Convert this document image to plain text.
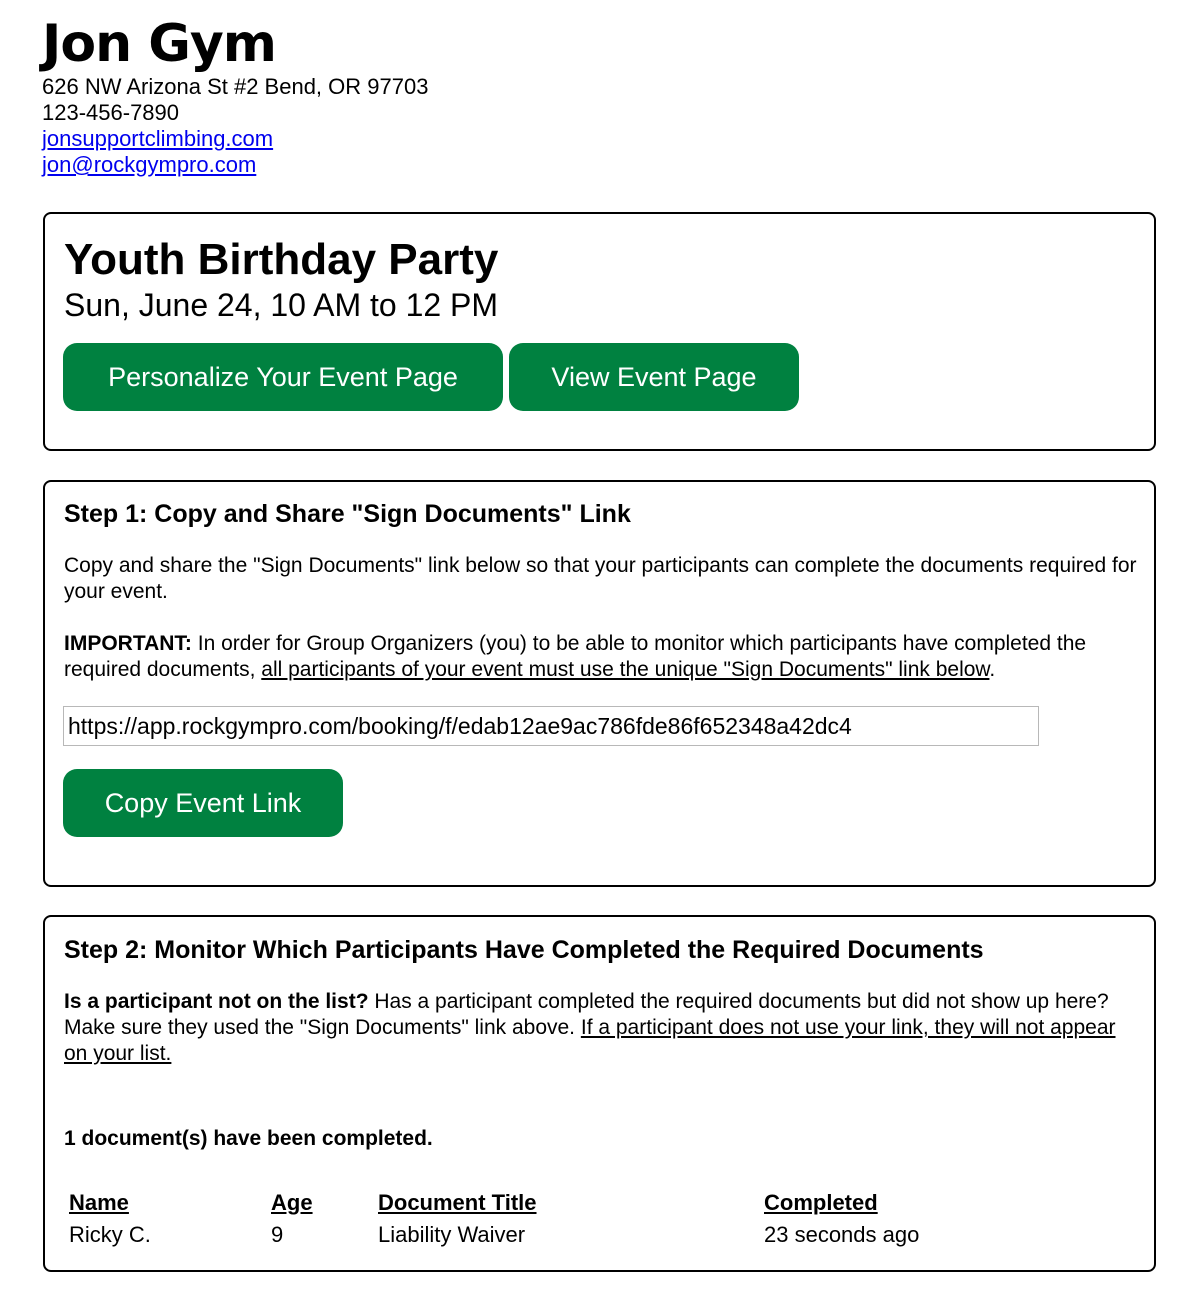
Jon Gym
626 NW Arizona St #2 Bend, OR 97703
123-456-7890
jonsupportclimbing.com
jon@rockgympro.com
Youth Birthday Party
Sun, June 24, 10 AM to 12 PM
Personalize Your Event Page	View Event Page
Step 1: Copy and Share "Sign Documents" Link

Copy and share the "Sign Documents" link below so that your participants can complete the documents required for your event.

IMPORTANT: In order for Group Organizers (you) to be able to monitor which participants have completed the required documents, all participants of your event must use the unique "Sign Documents" link below.

https://app.rockgympro.com/booking/f/edab12ae9ac786fde86f652348a42dc4
Copy Event Link
Step 2: Monitor Which Participants Have Completed the Required Documents

Is a participant not on the list? Has a participant completed the required documents but did not show up here? Make sure they used the "Sign Documents" link above. If a participant does not use your link, they will not appear on your list.

1 document(s) have been completed.
Name	Age	Document Title	Completed
Ricky C.	9	Liability Waiver	23 seconds ago
